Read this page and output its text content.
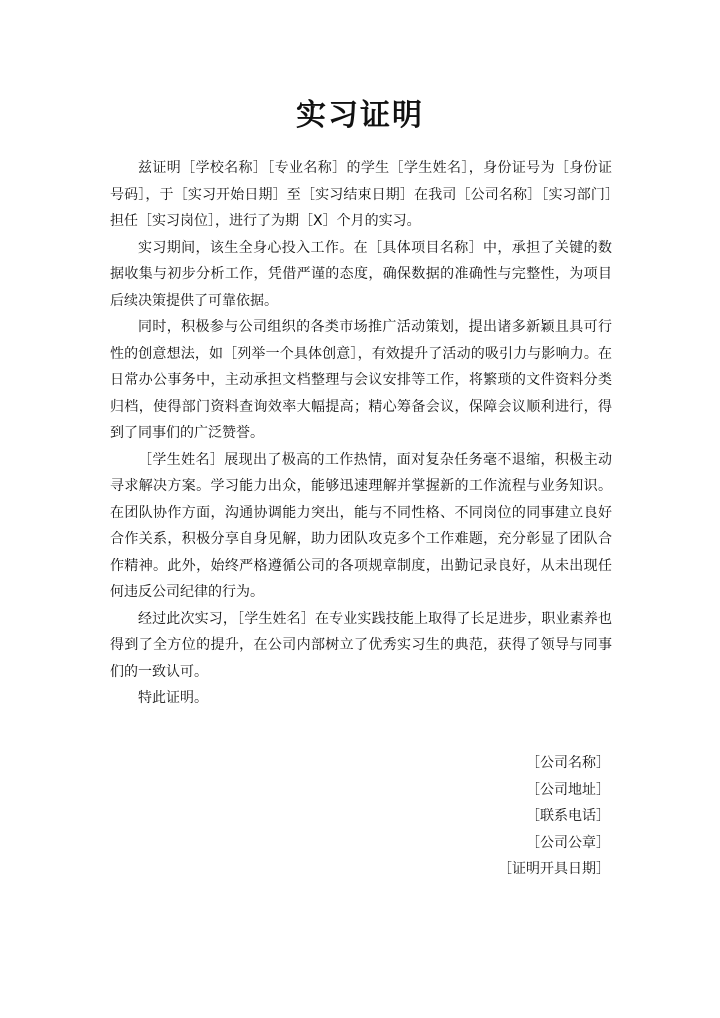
实习证明

兹证明［学校名称］［专业名称］的学生［学生姓名］，身份证号为［身份证号码］，于［实习开始日期］至［实习结束日期］在我司［公司名称］［实习部门］担任［实习岗位］，进行了为期［X］个月的实习。

实习期间，该生全身心投入工作。在［具体项目名称］中，承担了关键的数据收集与初步分析工作，凭借严谨的态度，确保数据的准确性与完整性，为项目后续决策提供了可靠依据。

同时，积极参与公司组织的各类市场推广活动策划，提出诸多新颖且具可行性的创意想法，如［列举一个具体创意］，有效提升了活动的吸引力与影响力。在日常办公事务中，主动承担文档整理与会议安排等工作，将繁琐的文件资料分类归档，使得部门资料查询效率大幅提高；精心筹备会议，保障会议顺利进行，得到了同事们的广泛赞誉。

［学生姓名］展现出了极高的工作热情，面对复杂任务毫不退缩，积极主动寻求解决方案。学习能力出众，能够迅速理解并掌握新的工作流程与业务知识。在团队协作方面，沟通协调能力突出，能与不同性格、不同岗位的同事建立良好合作关系，积极分享自身见解，助力团队攻克多个工作难题，充分彰显了团队合作精神。此外，始终严格遵循公司的各项规章制度，出勤记录良好，从未出现任何违反公司纪律的行为。

经过此次实习，［学生姓名］在专业实践技能上取得了长足进步，职业素养也得到了全方位的提升，在公司内部树立了优秀实习生的典范，获得了领导与同事们的一致认可。

特此证明。

［公司名称］
［公司地址］
［联系电话］
［公司公章］
［证明开具日期］
